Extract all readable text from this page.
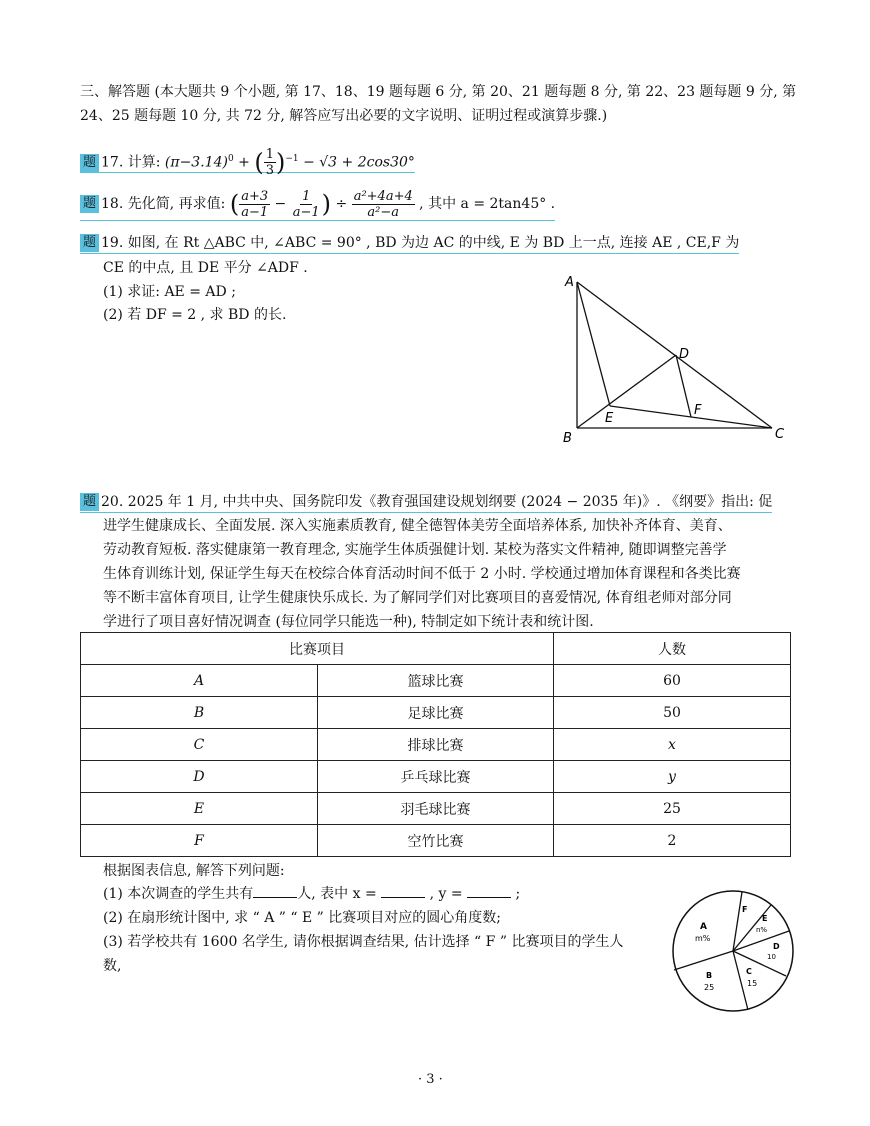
三、解答题 (本大题共 9 个小题, 第 17、18、19 题每题 6 分, 第 20、21 题每题 8 分, 第 22、23 题每题 9 分, 第
24、25 题每题 10 分, 共 72 分, 解答应写出必要的文字说明、证明过程或演算步骤.)
题 17. 计算: $(\pi-3.14)^0$ + ( $\frac{1}{3} )^{-1} - √3 + 2\cos 30^\circ$
题 18. 先化简, 再求值: ( $\frac{a+3}{a-1} - \frac{1}{a-1}$ ) ÷ $\frac{\text{a²+4a+4}}{\text{a²−a}}$ , 其中 a = 2tan45° .
题 19. 如图, 在 Rt △ABC 中, ∠ABC = 90° , BD 为边 AC 的中线, E 为 BD 上一点, 连接 AE , CE,F 为
CE 的中点, 且 DE 平分 ∠ADF .
(1) 求证: AE = AD ;
(2) 若 DF = 2 , 求 BD 的长.
A
B	C
D
E
F
题 20. 2025 年 1 月, 中共中央、国务院印发《教育强国建设规划纲要 (2024 − 2035 年)》. 《纲要》指出: 促
进学生健康成长、全面发展. 深入实施素质教育, 健全德智体美劳全面培养体系, 加快补齐体育、美育、
劳动教育短板. 落实健康第一教育理念, 实施学生体质强健计划. 某校为落实文件精神, 随即调整完善学
生体育训练计划, 保证学生每天在校综合体育活动时间不低于 2 小时. 学校通过增加体育课程和各类比赛
等不断丰富体育项目, 让学生健康快乐成长. 为了解同学们对比赛项目的喜爱情况, 体育组老师对部分同
学进行了项目喜好情况调查 (每位同学只能选一种), 特制定如下统计表和统计图.
比赛项目		人数
A	篮球比赛	60
B	足球比赛	50
C	排球比赛	x
D	乒乓球比赛	y
E	羽毛球比赛	25
F	空竹比赛	2
根据图表信息, 解答下列问题:
(1) 本次调查的学生共有	人, 表中 x =	, y =	;
(2) 在扇形统计图中, 求 “ A ” “ E ” 比赛项目对应的圆心角度数;
(3) 若学校共有 1600 名学生, 请你根据调查结果, 估计选择 “ F ” 比赛项目的学生人
数,
A
m%
F
E
n%
D
10
C
15
B
25
· 3 ·
